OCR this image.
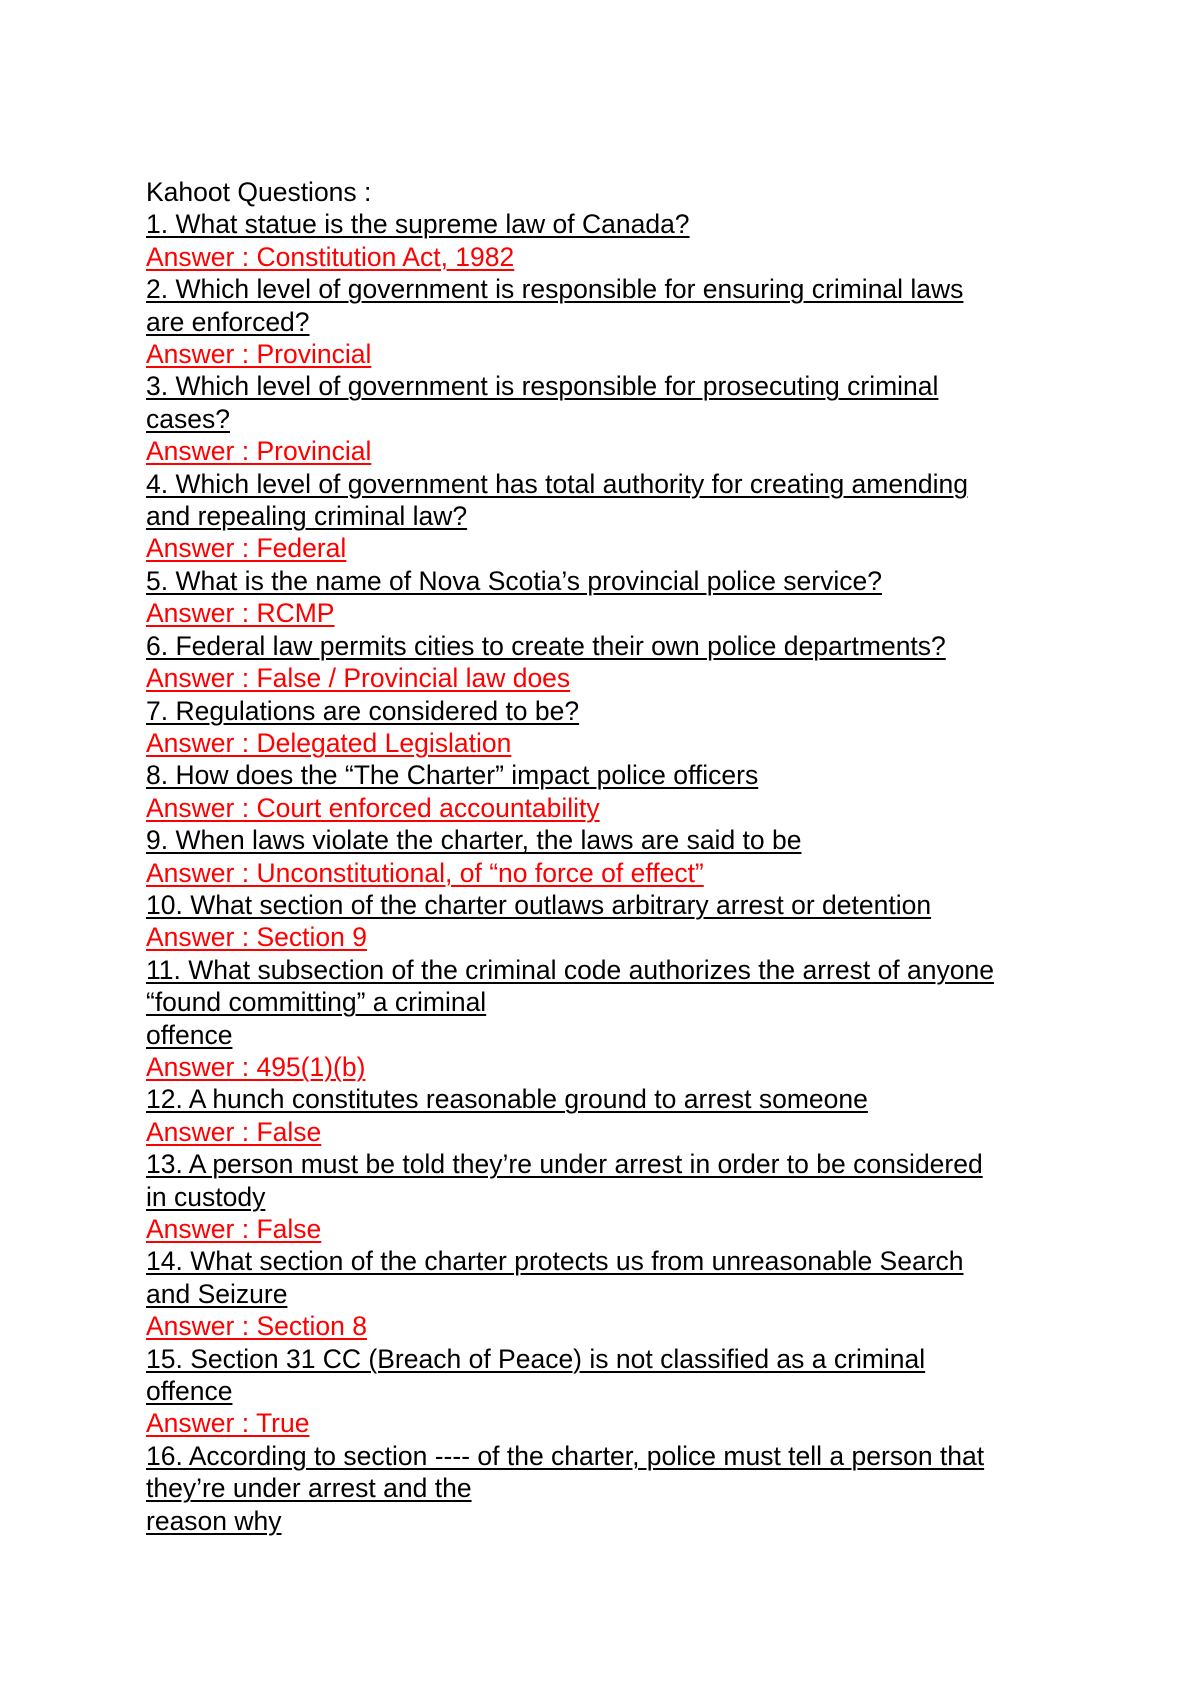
Kahoot Questions :

1. What statue is the supreme law of Canada?

Answer : Constitution Act, 1982

2. Which level of government is responsible for ensuring criminal laws

are enforced?

Answer : Provincial

3. Which level of government is responsible for prosecuting criminal

cases?

Answer : Provincial

4. Which level of government has total authority for creating amending

and repealing criminal law?

Answer : Federal

5. What is the name of Nova Scotia’s provincial police service?

Answer : RCMP

6. Federal law permits cities to create their own police departments?

Answer : False / Provincial law does

7. Regulations are considered to be?

Answer : Delegated Legislation

8. How does the “The Charter” impact police officers

Answer : Court enforced accountability

9. When laws violate the charter, the laws are said to be

Answer : Unconstitutional, of “no force of effect”

10. What section of the charter outlaws arbitrary arrest or detention

Answer : Section 9

11. What subsection of the criminal code authorizes the arrest of anyone

“found committing” a criminal

offence

Answer : 495(1)(b)

12. A hunch constitutes reasonable ground to arrest someone

Answer : False

13. A person must be told they’re under arrest in order to be considered

in custody

Answer : False

14. What section of the charter protects us from unreasonable Search

and Seizure

Answer : Section 8

15. Section 31 CC (Breach of Peace) is not classified as a criminal

offence

Answer : True

16. According to section ---- of the charter, police must tell a person that

they’re under arrest and the

reason why
